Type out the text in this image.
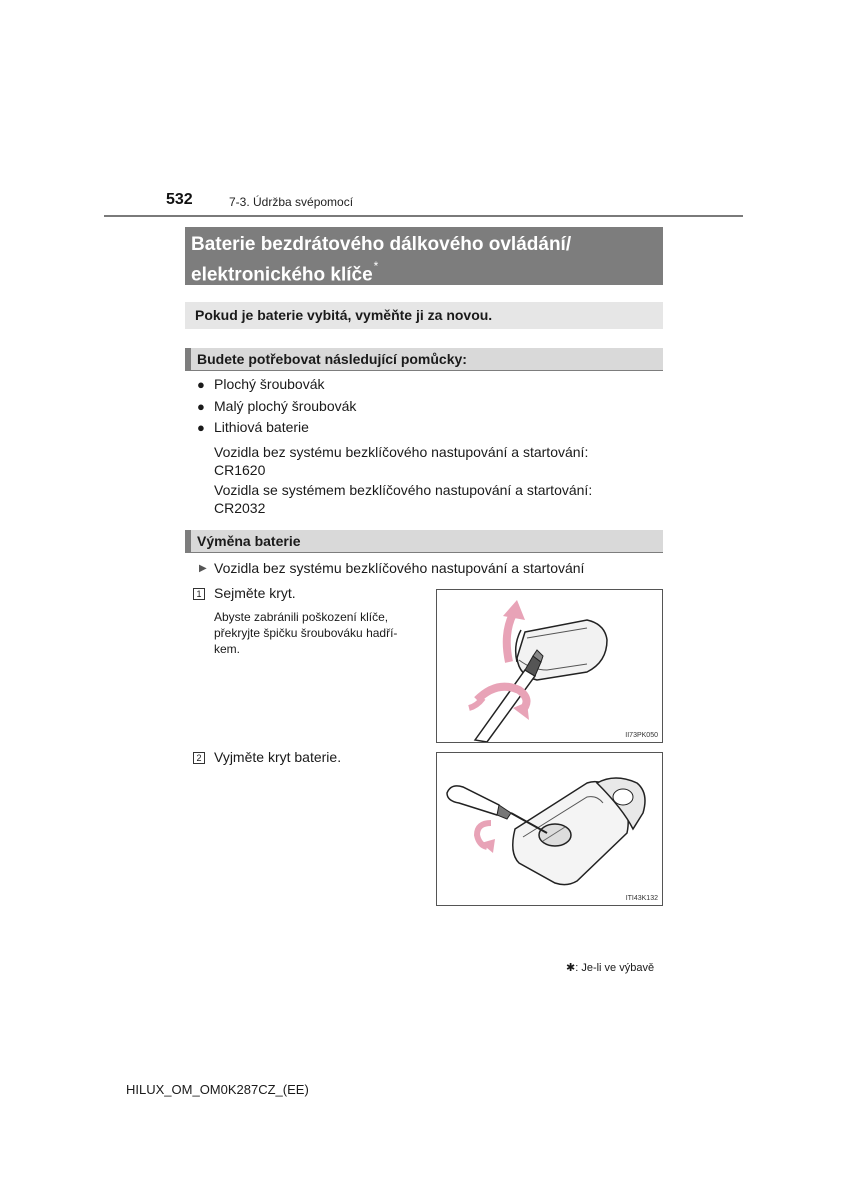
532	7-3. Údržba svépomocí
Baterie bezdrátového dálkového ovládání/
elektronického klíče*
Pokud je baterie vybitá, vyměňte ji za novou.
Budete potřebovat následující pomůcky:
● Plochý šroubovák
● Malý plochý šroubovák
● Lithiová baterie
Vozidla bez systému bezklíčového nastupování a startování:
CR1620
Vozidla se systémem bezklíčového nastupování a startování:
CR2032
Výměna baterie
▶ Vozidla bez systému bezklíčového nastupování a startování
1 Sejměte kryt.
Abyste zabránili poškození klíče,
překryjte špičku šroubováku hadří-
kem.
II73PK050
2 Vyjměte kryt baterie.
ITI43K132
✱: Je-li ve výbavě
HILUX_OM_OM0K287CZ_(EE)
